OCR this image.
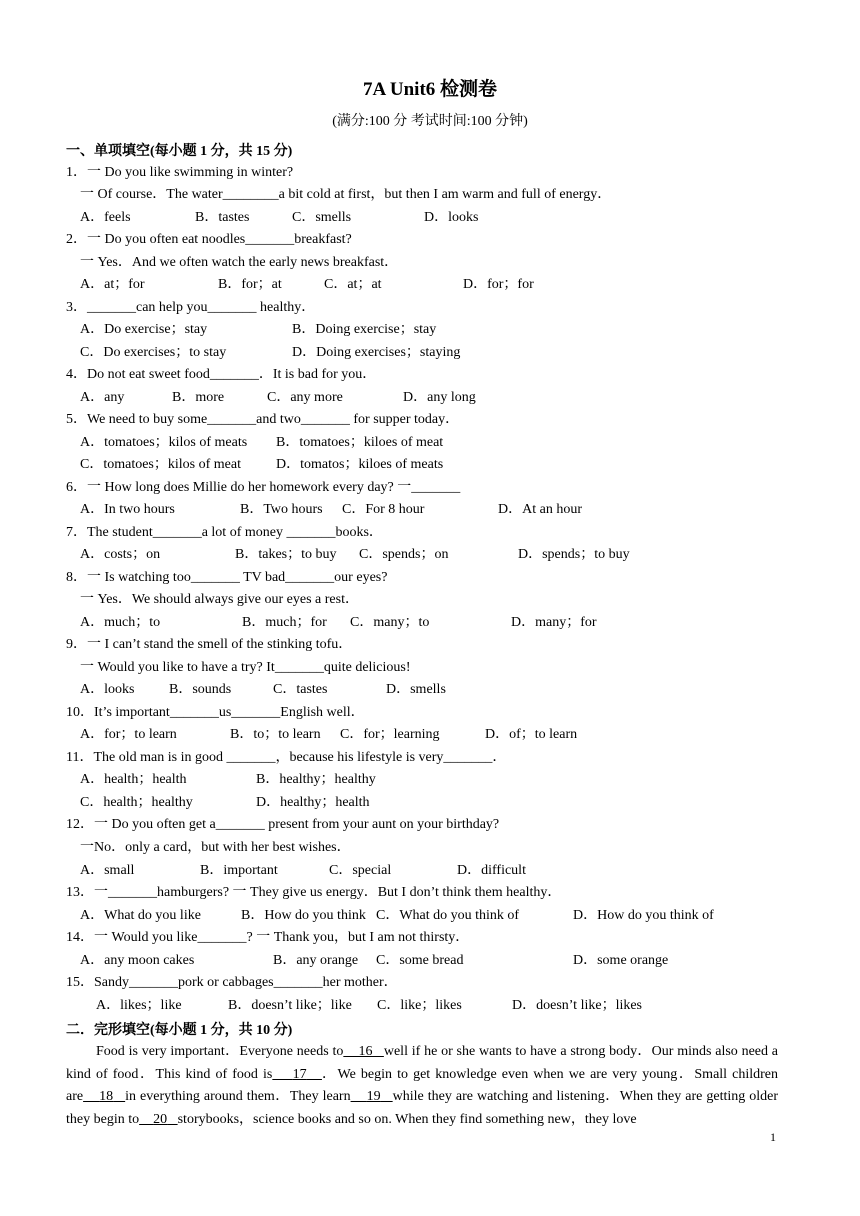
7A Unit6 检测卷
(满分:100 分 考试时间:100 分钟)
一、单项填空(每小题 1 分，共 15 分)
1．一 Do you like swimming in winter?
一 Of course．The water________a bit cold at first，but then I am warm and full of energy．
A．feels	B．tastes	C．smells	D．looks
2．一 Do you often eat noodles_______breakfast?
一 Yes．And we often watch the early news breakfast．
A．at；for	B．for；at	C．at；at	D．for；for
3．_______can help you_______ healthy．
A．Do exercise；stay	B．Doing exercise；stay
C．Do exercises；to stay	D．Doing exercises；staying
4．Do not eat sweet food_______．It is bad for you．
A．any	B．more	C．any more	D．any long
5．We need to buy some_______and two_______ for supper today．
A．tomatoes；kilos of meats B．tomatoes；kiloes of meat
C．tomatoes；kilos of meat	D．tomatos；kiloes of meats
6．一 How long does Millie do her homework every day? 一_______
A．In two hours	B．Two hours C．For 8 hour	D．At an hour
7．The student_______a lot of money _______books．
A．costs；on	B．takes；to buy C．spends；on	D．spends；to buy
8．一 Is watching too_______ TV bad_______our eyes?
一 Yes．We should always give our eyes a rest．
A．much；to	B．much；for C．many；to	D．many；for
9．一 I can’t stand the smell of the stinking tofu．
一 Would you like to have a try? It_______quite delicious!
A．looks B．sounds	C．tastes	D．smells
10．It’s important_______us_______English well．
A．for；to learn	B．to；to learn C．for；learning	D．of；to learn
11．The old man is in good _______，because his lifestyle is very_______．
A．health；health	B．healthy；healthy
C．health；healthy	D．healthy；health
12．一 Do you often get a_______ present from your aunt on your birthday?
一No．only a card，but with her best wishes．
A．small	B．important	C．special	D．difficult
13．一_______hamburgers? 一 They give us energy．But I don’t think them healthy．
A．What do you like	B．How do you think C．What do you think of	D．How do you think of
14．一 Would you like_______? 一 Thank you，but I am not thirsty．
A．any moon cakes	B．any orange C．some bread	D．some orange
15．Sandy_______pork or cabbages_______her mother．
A．likes；like	B．doesn’t like；like C．like；likes	D．doesn’t like；likes
二．完形填空(每小题 1 分，共 10 分)
Food is very important．Everyone needs to 16 well if he or she wants to have a strong body．Our minds also need a kind of food．This kind of food is 17 ．We begin to get knowledge even when we are very young．Small children are 18 in everything around them．They learn 19 while they are watching and listening．When they are getting older they begin to 20 storybooks，science books and so on. When they find something new，they love
1
